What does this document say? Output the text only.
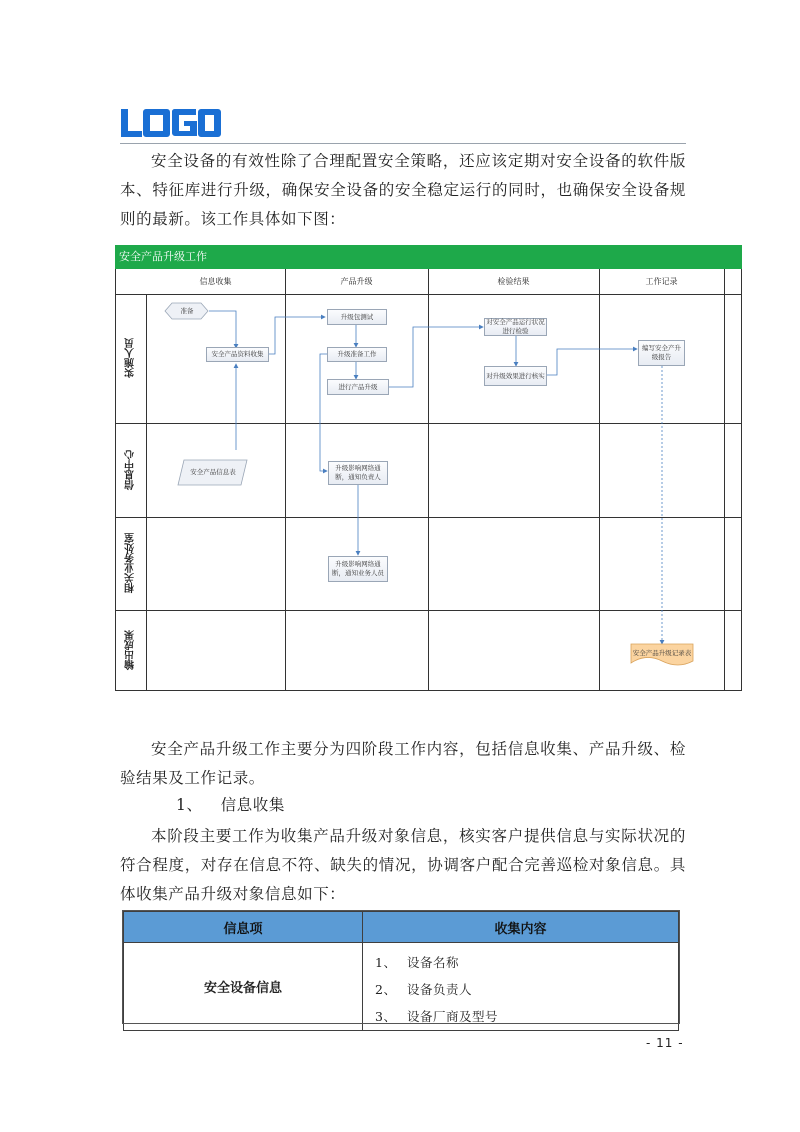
安全设备的有效性除了合理配置安全策略，还应该定期对安全设备的软件版本、特征库进行升级，确保安全设备的安全稳定运行的同时，也确保安全设备规则的最新。该工作具体如下图：

安全产品升级工作
信息收集	产品升级	检验结果	工作记录
实施人员
信息中心
相关业务处室
输出成果
准备
安全产品资料收集
安全产品信息表
升级包测试
升级准备工作
进行产品升级
升级影响网络通断，通知负责人
升级影响网络通断，通知业务人员
对安全产品运行状况进行检验
对升级效果进行核实
编写安全产升级报告
安全产品升级记录表

安全产品升级工作主要分为四阶段工作内容，包括信息收集、产品升级、检验结果及工作记录。

1、 信息收集

本阶段主要工作为收集产品升级对象信息，核实客户提供信息与实际状况的符合程度，对存在信息不符、缺失的情况，协调客户配合完善巡检对象信息。具体收集产品升级对象信息如下：

信息项	收集内容
安全设备信息	1、 设备名称
2、 设备负责人
3、 设备厂商及型号
- 11 -
